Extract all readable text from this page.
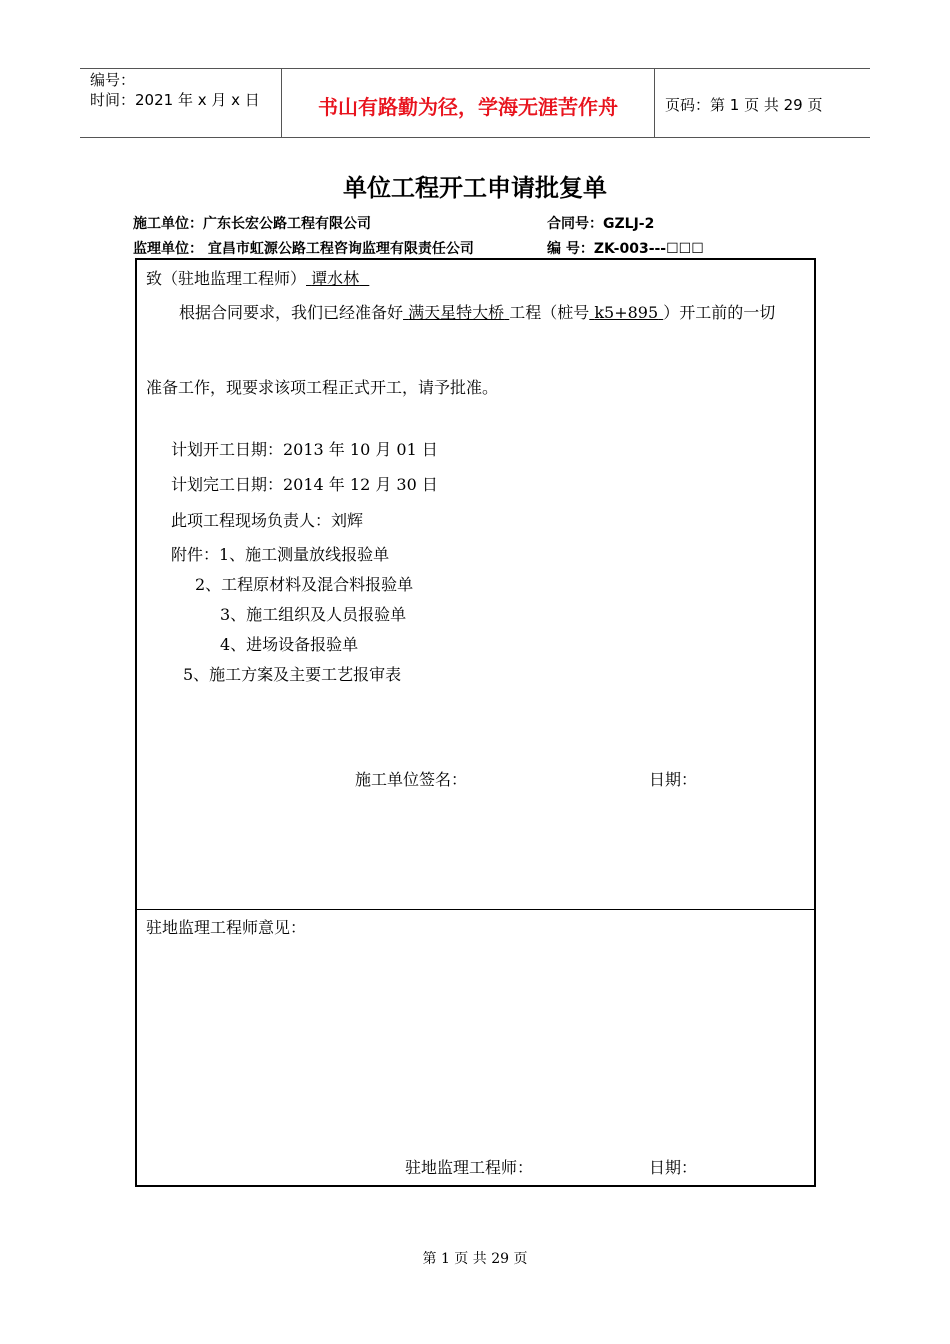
编号：
时间：2021 年 x 月 x 日	书山有路勤为径，学海无涯苦作舟	页码：第 1 页 共 29 页
单位工程开工申请批复单
施工单位：广东长宏公路工程有限公司	合同号：GZLJ-2
监理单位： 宜昌市虹源公路工程咨询监理有限责任公司	编 号：ZK-003---☐☐☐
致（驻地监理工程师） 谭水林
根据合同要求，我们已经准备好 满天星特大桥 工程（桩号 k5+895 ）开工前的一切
准备工作，现要求该项工程正式开工，请予批准。
计划开工日期：2013 年 10 月 01 日
计划完工日期：2014 年 12 月 30 日
此项工程现场负责人：刘辉
附件：1、施工测量放线报验单
2、工程原材料及混合料报验单
3、施工组织及人员报验单
4、进场设备报验单
5、施工方案及主要工艺报审表
施工单位签名：	日期：
驻地监理工程师意见：
驻地监理工程师：	日期：
第 1 页 共 29 页
